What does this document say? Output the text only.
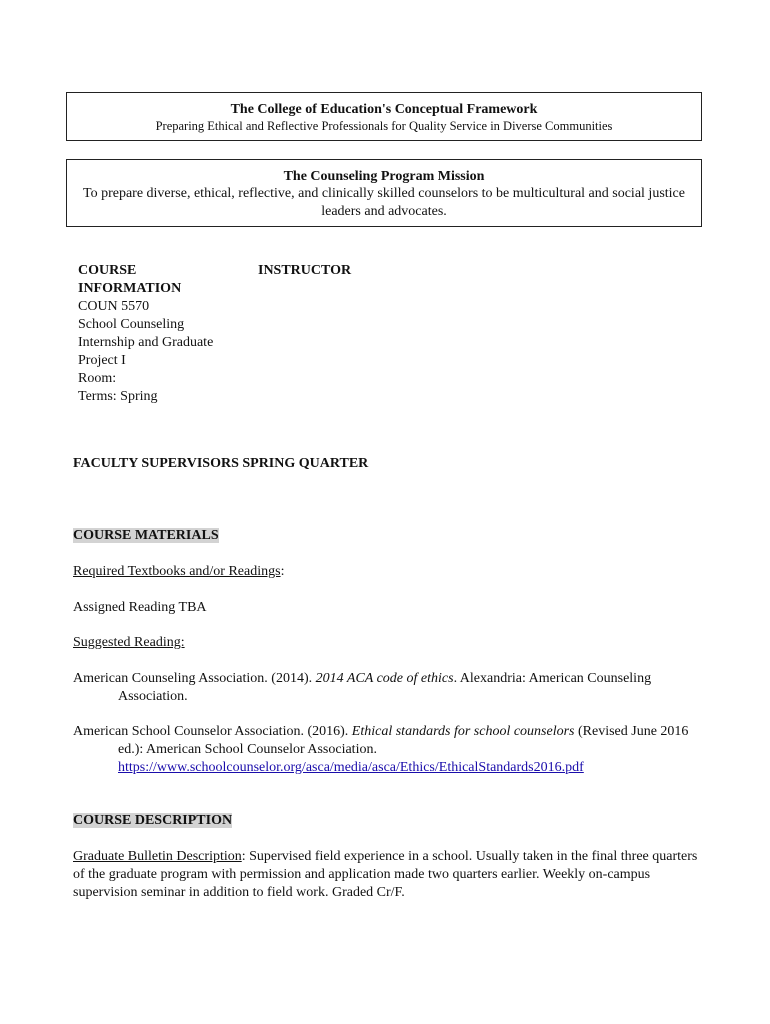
The College of Education's Conceptual Framework
Preparing Ethical and Reflective Professionals for Quality Service in Diverse Communities
The Counseling Program Mission
To prepare diverse, ethical, reflective, and clinically skilled counselors to be multicultural and social justice leaders and advocates.
COURSE
INFORMATION
COUN 5570
School Counseling
Internship and Graduate
Project I
Room:
Terms: Spring
INSTRUCTOR
FACULTY SUPERVISORS SPRING QUARTER
COURSE MATERIALS
Required Textbooks and/or Readings:
Assigned Reading TBA
Suggested Reading:
American Counseling Association. (2014). 2014 ACA code of ethics. Alexandria: American Counseling Association.
American School Counselor Association. (2016). Ethical standards for school counselors (Revised June 2016 ed.): American School Counselor Association. https://www.schoolcounselor.org/asca/media/asca/Ethics/EthicalStandards2016.pdf
COURSE DESCRIPTION
Graduate Bulletin Description: Supervised field experience in a school. Usually taken in the final three quarters of the graduate program with permission and application made two quarters earlier. Weekly on-campus supervision seminar in addition to field work. Graded Cr/F.
